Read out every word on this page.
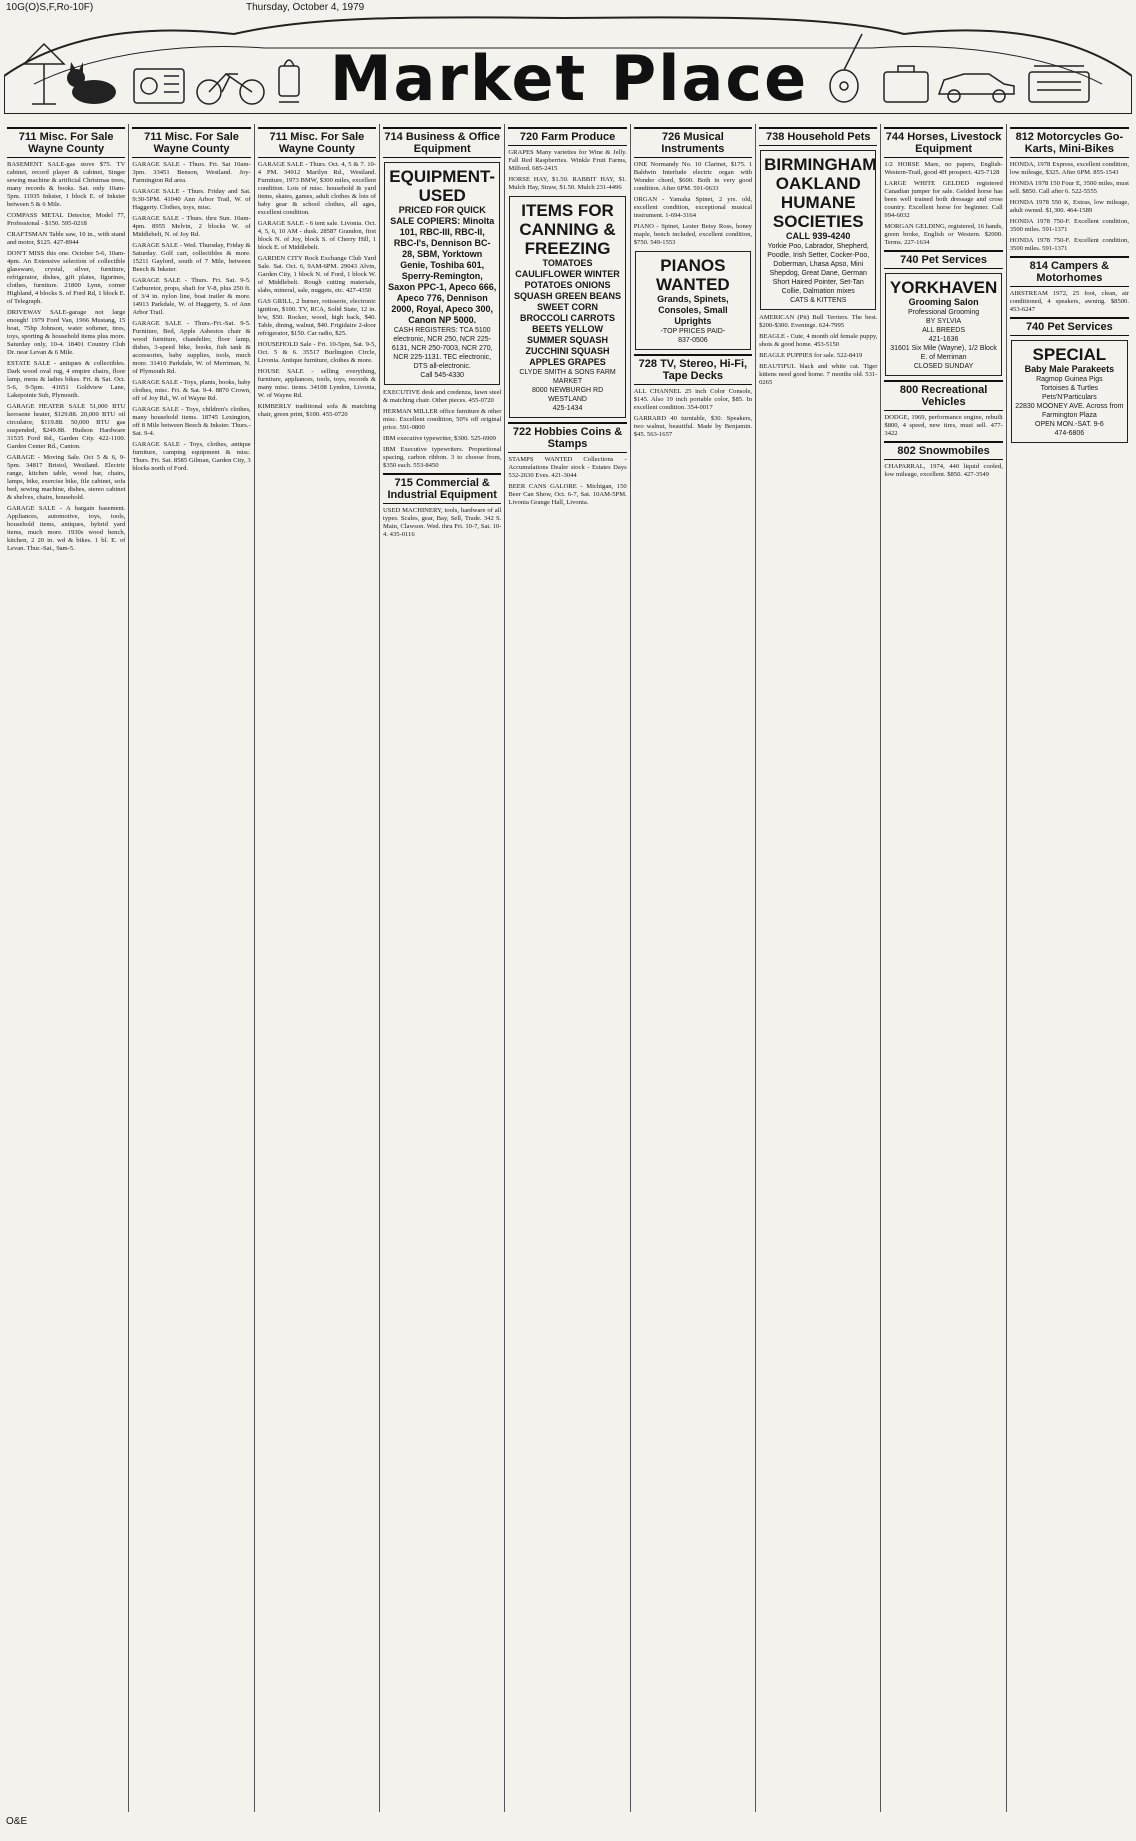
10G(O)S,F,Ro-10F)	Thursday, October 4, 1979
Market Place
711 Misc. For Sale Wayne County

BASEMENT SALE-gas stove $75. TV cabinet, record player & cabinet, Singer sewing machine & artificial Christmas trees, many records & books. Sat. only 10am-5pm. 11935 Inkster, 1 block E. of Inkster between 5 & 6 Mile.

COMPASS METAL Detector, Model 77, Professional - $150. 595-0218

CRAFTSMAN Table saw, 10 in., with stand and motor, $125. 427-8944

DON'T MISS this one. October 5-6, 10am-4pm. An Extensive selection of collectible glassware, crystal, silver, furniture, refrigerator, dishes, gift plates, figurines, clothes, furniture. 21800 Lynn, corner Highland, 4 blocks S. of Ford Rd, 1 block E. of Telegraph.

DRIVEWAY SALE-garage not large enough! 1979 Ford Van, 1966 Mustang, 15 boat, 75hp Johnson, water softener, tires, toys, sporting & household items plus more. Saturday only, 10-4. 18401 Country Club Dr. near Levan & 6 Mile.

ESTATE SALE - antiques & collectibles. Dark wood oval rug, 4 empire chairs, floor lamp, mens & ladies bikes. Fri. & Sat. Oct. 5-6, 9-5pm. 41651 Goldview Lane, Lakepointe Sub, Plymouth.

GARAGE HEATER SALE 51,000 BTU kerosene heater, $129.88. 20,000 BTU oil circulator, $119.88. 50,000 BTU gas suspended, $249.88. Hudson Hardware 31535 Ford Rd., Garden City. 422-1100. Garden Center Rd., Canton.

GARAGE - Moving Sale. Oct 5 & 6, 9-5pm. 34817 Bristol, Westland. Electric range, kitchen table, wood bar, chairs, lamps, bike, exercise bike, file cabinet, sofa bed, sewing machine, dishes, stereo cabinet & shelves, chairs, household.

GARAGE SALE - A bargain basement. Appliances, automotive, toys, tools, household items, antiques, hybrid yard items, much more. 1930s wood bench, kitchen, 2 20 in. wd & bikes. 1 bl. E. of Levan. Thur.-Sat., 9am-5.

711 Misc. For Sale Wayne County

GARAGE SALE - Thurs. Fri. Sat 10am-3pm. 33451 Benson, Westland. Joy-Farmington Rd area.

GARAGE SALE - Thurs. Friday and Sat. 9:30-5PM. 41040 Ann Arbor Trail, W. of Haggerty. Clothes, toys, misc.

GARAGE SALE - Thurs. thru Sun. 10am-4pm. 8955 Melvin, 2 blocks W. of Middlebelt, N. of Joy Rd.

GARAGE SALE - Wed. Thursday, Friday & Saturday. Golf cart, collectibles & more. 15211 Gaylord, south of 7 Mile, between Beech & Inkster.

GARAGE SALE - Thurs. Fri. Sat. 9-5. Carburetor, props, shaft for V-8, plus 250 ft. of 3/4 in. nylon line, boat trailer & more. 14913 Parkdale, W. of Haggerty, S. of Ann Arbor Trail.

GARAGE SALE - Thurs.-Fri.-Sat. 9-5. Furniture, Bed, Apple Asbestos chair & wood furniture, chandelier, floor lamp, dishes, 3-speed bike, books, fish tank & accessories, baby supplies, tools, much more. 31410 Parkdale, W. of Merriman, N. of Plymouth Rd.

GARAGE SALE - Toys, plants, books, baby clothes, misc. Fri. & Sat. 9-4. 8870 Crown, off of Joy Rd., W. of Wayne Rd.

GARAGE SALE - Toys, children's clothes, many household items. 18745 Lexington, off 8 Mile between Beech & Inkster. Thurs.-Sat. 9-4.

GARAGE SALE - Toys, clothes, antique furniture, camping equipment & misc. Thurs. Fri. Sat. 8585 Gilman, Garden City, 3 blocks north of Ford.

711 Misc. For Sale Wayne County

GARAGE SALE - Thurs. Oct. 4, 5 & 7. 10-4 PM. 34912 Marilyn Rd., Westland. Furniture, 1973 BMW, $300 miles, excellent condition. Lots of misc. household & yard items, skates, games, adult clothes & lots of baby gear & school clothes, all ages, excellent condition.

GARAGE SALE - 6 tent sale. Livonia. Oct. 4, 5, 6, 10 AM - dusk. 28587 Grandon, first block N. of Joy, block S. of Cherry Hill, 1 block E. of Middlebelt.

GARDEN CITY Rock Exchange Club Yard Sale. Sat. Oct. 6, 9AM-6PM. 29043 Alvin, Garden City, 1 block N. of Ford, 1 block W. of Middlebelt. Rough cutting materials, slabs, mineral, sale, nuggets, etc. 427-4350

GAS GRILL, 2 burner, rotisserie, electronic ignition, $100. TV, RCA, Solid State, 12 in. b/w, $50. Rocker, wood, high back, $40. Table, dining, walnut, $40. Frigidaire 2-door refrigerator, $150. Car radio, $25.

HOUSEHOLD Sale - Fri. 10-5pm, Sat. 9-5, Oct. 5 & 6. 35517 Burlington Circle, Livonia. Antique furniture, clothes & more.

HOUSE SALE - selling everything, furniture, appliances, tools, toys, records & many misc. items. 34108 Lyndon, Livonia, W. of Wayne Rd.

KIMBERLY traditional sofa & matching chair, green print, $100. 455-0720

714 Business & Office Equipment
EQUIPMENT-USED
PRICED FOR QUICK SALE COPIERS: Minolta 101, RBC-III, RBC-II, RBC-I's, Dennison BC-28, SBM, Yorktown Genie, Toshiba 601, Sperry-Remington, Saxon PPC-1, Apeco 666, Apeco 776, Dennison 2000, Royal, Apeco 300, Canon NP 5000.
CASH REGISTERS: TCA 5100 electronic, NCR 250, NCR 225-6131, NCR 250-7003, NCR 270, NCR 225-1131. TEC electronic, DTS all-electronic.
Call 545-4330

EXECUTIVE desk and credenza, fawn steel & matching chair. Other pieces. 455-0720

HERMAN MILLER office furniture & other misc. Excellent condition, 50% off original price. 591-0800

IBM executive typewriter, $300. 525-6909

IBM Executive typewriters. Proportional spacing, carbon ribbon. 3 to choose from, $350 each. 553-8450

715 Commercial & Industrial Equipment

USED MACHINERY, tools, hardware of all types. Scales, gear, Bay, Sell, Trade. 342 S. Main, Clawson. Wed. thru Fri. 10-7, Sat. 10-4. 435-0116

720 Farm Produce

GRAPES Many varieties for Wine & Jelly. Fall Red Raspberries. Winkle Fruit Farms, Milford. 685-2415

HORSE HAY, $1.50. RABBIT HAY, $1. Mulch Hay, Straw, $1.50. Mulch 231-4496

ITEMS FOR CANNING & FREEZING
TOMATOES CAULIFLOWER WINTER POTATOES ONIONS SQUASH GREEN BEANS SWEET CORN BROCCOLI CARROTS BEETS YELLOW SUMMER SQUASH ZUCCHINI SQUASH APPLES GRAPES
CLYDE SMITH & SONS FARM MARKET
8000 NEWBURGH RD WESTLAND
425-1434
722 Hobbies Coins & Stamps

STAMPS WANTED Collections - Accumulations Dealer stock - Estates Days 532-2630 Eves. 421-3044

BEER CANS GALORE - Michigan, 150 Beer Can Show, Oct. 6-7, Sat. 10AM-5PM. Livonia Grange Hall, Livonia.

726 Musical Instruments

ONE Normandy No. 10 Clarinet, $175. 1 Baldwin Interlude electric organ with Wonder chord, $600. Both in very good condition. After 6PM. 591-0633

ORGAN - Yamaha Spinet, 2 yrs. old, excellent condition, exceptional musical instrument. 1-694-3164

PIANO - Spinet, Lester Betsy Ross, honey maple, bench included, excellent condition, $750. 549-1553

PIANOS WANTED
Grands, Spinets, Consoles, Small Uprights
-TOP PRICES PAID-
837-0506
728 TV, Stereo, Hi-Fi, Tape Decks

ALL CHANNEL 25 inch Color Console, $145. Also 19 inch portable color, $85. In excellent condition. 354-0017

GARRARD 40 turntable, $30. Speakers, two walnut, beautiful. Made by Benjamin. $45. 563-1657

738 Household Pets
BIRMINGHAM OAKLAND HUMANE SOCIETIES
CALL 939-4240
Yorkie Poo, Labrador, Shepherd, Poodle, Irish Setter, Cocker-Poo, Doberman, Lhasa Apso, Mini Shepdog, Great Dane, German Short Haired Pointer, Set-Tan Collie, Dalmation mixes
CATS & KITTENS

AMERICAN (Pit) Bull Terriers. The best. $200-$300. Evenings. 624-7995

BEAGLE - Cute, 4 month old female puppy, shots & good home. 453-5150

BEAGLE PUPPIES for sale. 522-8419

BEAUTIFUL black and white cat. Tiger kittens need good home. 7 months old. 531-0265

744 Horses, Livestock Equipment

1/2 HORSE Mare, no papers, English-Western-Trail, good 4H prospect. 425-7128

LARGE WHITE GELDED registered Canadian jumper for sale. Gelded horse has been well trained both dressage and cross country. Excellent horse for beginner. Call 994-6032

MORGAN GELDING, registered, 16 hands, green broke, English or Western. $2000. Terms. 227-1634

740 Pet Services
YORKHAVEN
Grooming Salon
Professional Grooming
BY SYLVIA
ALL BREEDS
421-1636
31601 Six Mile (Wayne), 1/2 Block E. of Merriman
CLOSED SUNDAY
800 Recreational Vehicles

DODGE, 1969, performance engine, rebuilt $800, 4 speed, new tires, must sell. 477-3422

802 Snowmobiles

CHAPARRAL, 1974, 440 liquid cooled, low mileage, excellent. $850. 427-3549

812 Motorcycles Go-Karts, Mini-Bikes

HONDA, 1978 Express, excellent condition, low mileage, $325. After 6PM. 855-1543

HONDA 1978 150 Four E, 3500 miles, must sell. $850. Call after 6. 522-5555

HONDA 1978 550 K, Extras, low mileage, adult owned. $1,300. 464-1589

HONDA 1978 750-F. Excellent condition, 3500 miles. 591-1371

HONDA 1978 750-F. Excellent condition, 3500 miles. 591-1371

814 Campers & Motorhomes

AIRSTREAM 1972, 25 foot, clean, air conditioned, 4 speakers, awning. $8500. 453-6247

740 Pet Services
SPECIAL
Baby Male Parakeets
Ragmop Guinea Pigs
Tortoises & Turtles
Pets'N'Particulars
22830 MOONEY AVE. Across from Farmington Plaza
OPEN MON.-SAT. 9-6
474-6806
O&E
